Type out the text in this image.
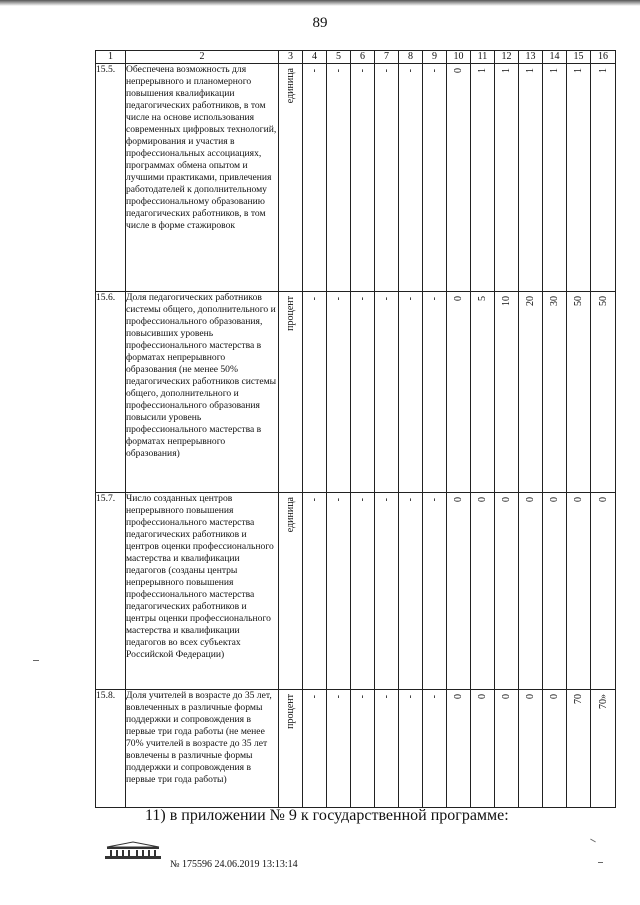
89
1	2	3	4	5	6	7	8	9	10	11	12	13	14	15	16
15.5.	Обеспечена возможность для непрерывного и планомерного повышения квалификации педагогических работников, в том числе на основе использования современных цифровых технологий, формирования и участия в профессиональных ассоциациях, программах обмена опытом и лучшими практиками, привлечения работодателей к дополнительному профессиональному образованию педагогических работников, в том числе в форме стажировок	единица	-	-	-	-	-	-	0	1	1	1	1	1	1
15.6.	Доля педагогических работников системы общего, дополнительного и профессионального образования, повысивших уровень профессионального мастерства в форматах непрерывного образования (не менее 50% педагогических работников системы общего, дополнительного и профессионального образования повысили уровень профессионального мастерства в форматах непрерывного образования)	процент	-	-	-	-	-	-	0	5	10	20	30	50	50
15.7.	Число созданных центров непрерывного повышения профессионального мастерства педагогических работников и центров оценки профессионального мастерства и квалификации педагогов (созданы центры непрерывного повышения профессионального мастерства педагогических работников и центры оценки профессионального мастерства и квалификации педагогов во всех субъектах Российской Федерации)	единица	-	-	-	-	-	-	0	0	0	0	0	0	0
15.8.	Доля учителей в возрасте до 35 лет, вовлеченных в различные формы поддержки и сопровождения в первые три года работы (не менее 70% учителей в возрасте до 35 лет вовлечены в различные формы поддержки и сопровождения в первые три года работы)	процент	-	-	-	-	-	-	0	0	0	0	0	70	70»
11) в приложении № 9 к государственной программе:
№ 175596 24.06.2019 13:13:14
